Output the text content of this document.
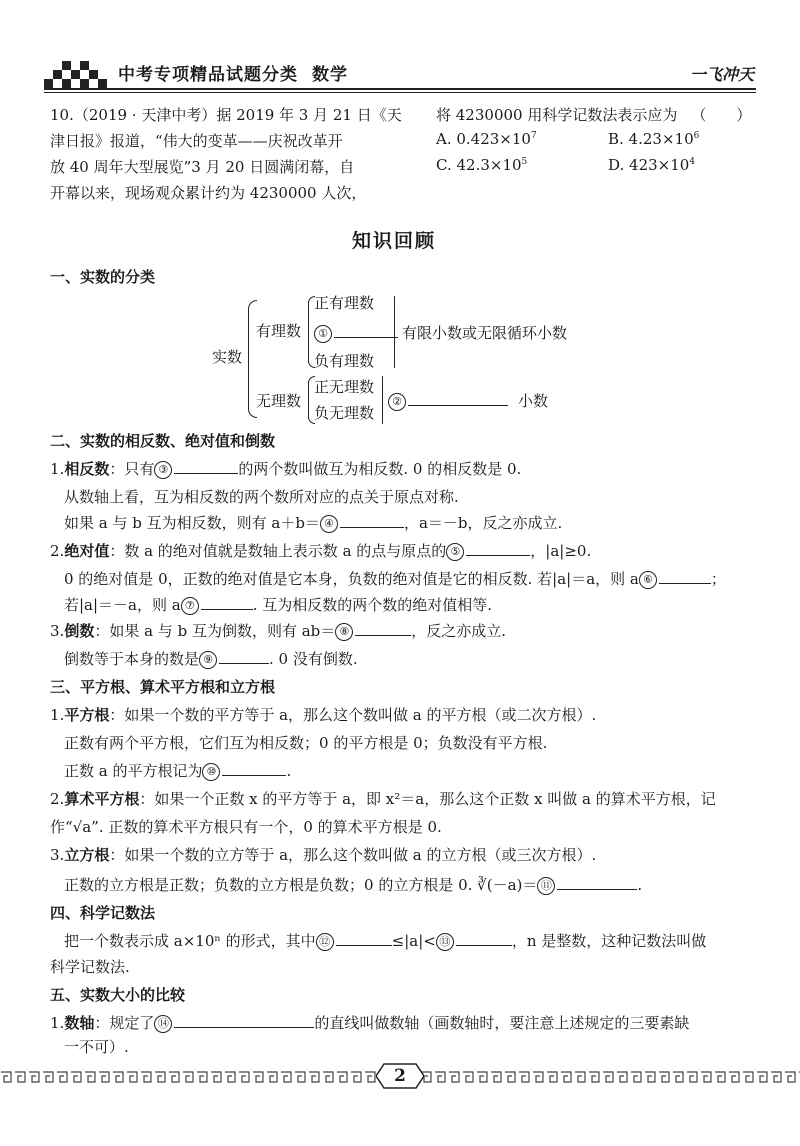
中考专项精品试题分类 数学	一飞冲天
10.（2019 · 天津中考）据 2019 年 3 月 21 日《天
津日报》报道，“伟大的变革——庆祝改革开
放 40 周年大型展览”3 月 20 日圆满闭幕，自
开幕以来，现场观众累计约为 4230000 人次，
将 4230000 用科学记数法表示应为 （　　）
A. $0.423\times 10^7$	B. $4.23\times 10^6$
C. $42.3\times 10^5$	D. $423\times 10^4$
知识回顾
一、实数的分类
实数
有理数
正有理数
①
负有理数
有限小数或无限循环小数
无理数
正无理数
负无理数
②	小数
二、实数的相反数、绝对值和倒数
1.相反数：只有 ③	的两个数叫做互为相反数. 0 的相反数是 0.
从数轴上看，互为相反数的两个数所对应的点关于原点对称.
如果 a 与 b 互为相反数，则有 a＋b＝ ④	，a＝－b，反之亦成立.
2.绝对值：数 a 的绝对值就是数轴上表示数 a 的点与原点的 ⑤	，|a|≥0.
0 的绝对值是 0，正数的绝对值是它本身，负数的绝对值是它的相反数. 若|a|＝a，则 a ⑥	；
若|a|＝－a，则 a ⑦	. 互为相反数的两个数的绝对值相等.
3.倒数：如果 a 与 b 互为倒数，则有 ab＝ ⑧	，反之亦成立.
倒数等于本身的数是 ⑨	. 0 没有倒数.
三、平方根、算术平方根和立方根
1.平方根：如果一个数的平方等于 a，那么这个数叫做 a 的平方根（或二次方根）.
正数有两个平方根，它们互为相反数；0 的平方根是 0；负数没有平方根.
正数 a 的平方根记为 ⑩	.
2.算术平方根：如果一个正数 x 的平方等于 a，即 x²＝a，那么这个正数 x 叫做 a 的算术平方根，记
作“√a”. 正数的算术平方根只有一个，0 的算术平方根是 0.
3.立方根：如果一个数的立方等于 a，那么这个数叫做 a 的立方根（或三次方根）.
正数的立方根是正数；负数的立方根是负数；0 的立方根是 0. ∛(－a)＝ ⑪	.
四、科学记数法
把一个数表示成 a×10ⁿ 的形式，其中 ⑫	≤|a|< ⑬	，n 是整数，这种记数法叫做
科学记数法.
五、实数大小的比较
1.数轴：规定了 ⑭	的直线叫做数轴（画数轴时，要注意上述规定的三要素缺
一不可）.
2
